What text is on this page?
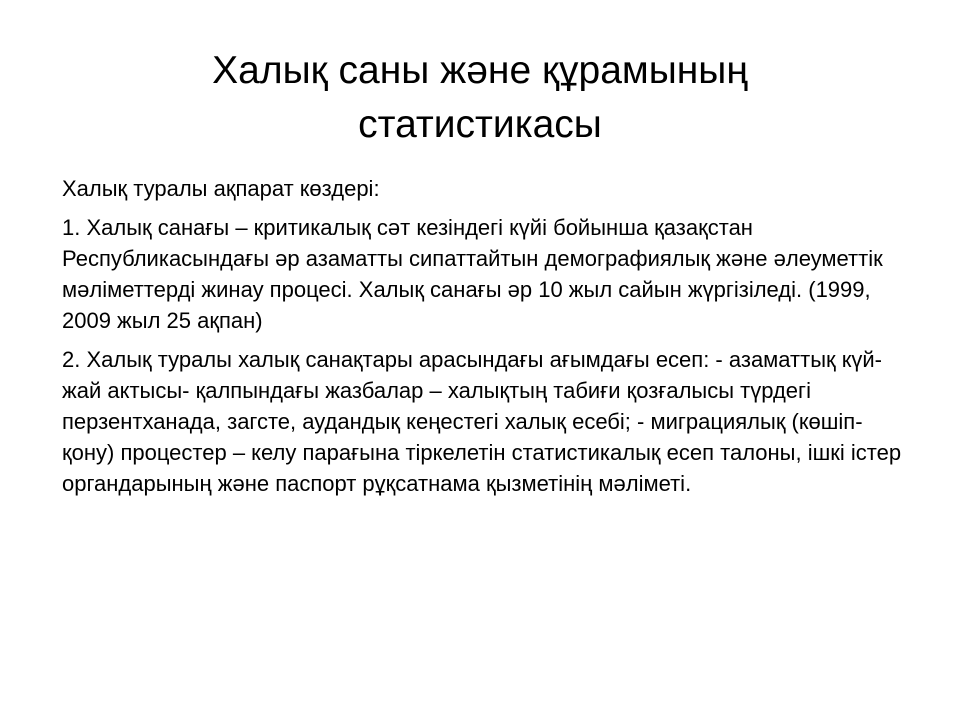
Халық саны және құрамының
статистикасы

Халық туралы ақпарат көздері:

1. Халық санағы – критикалық сәт кезіндегі күйі бойынша қазақстан Республикасындағы әр азаматты сипаттайтын демографиялық және әлеуметтік мәліметтерді жинау процесі. Халық санағы әр 10 жыл сайын жүргізіледі. (1999, 2009 жыл 25 ақпан)

2. Халық туралы халық санақтары арасындағы ағымдағы есеп: - азаматтық күй-жай актысы- қалпындағы жазбалар – халықтың табиғи қозғалысы түрдегі перзентханада, загсте, аудандық кеңестегі халық есебі; - миграциялық (көшіп-қону) процестер – келу парағына тіркелетін статистикалық есеп талоны, ішкі істер органдарының және паспорт рұқсатнама қызметінің мәліметі.
